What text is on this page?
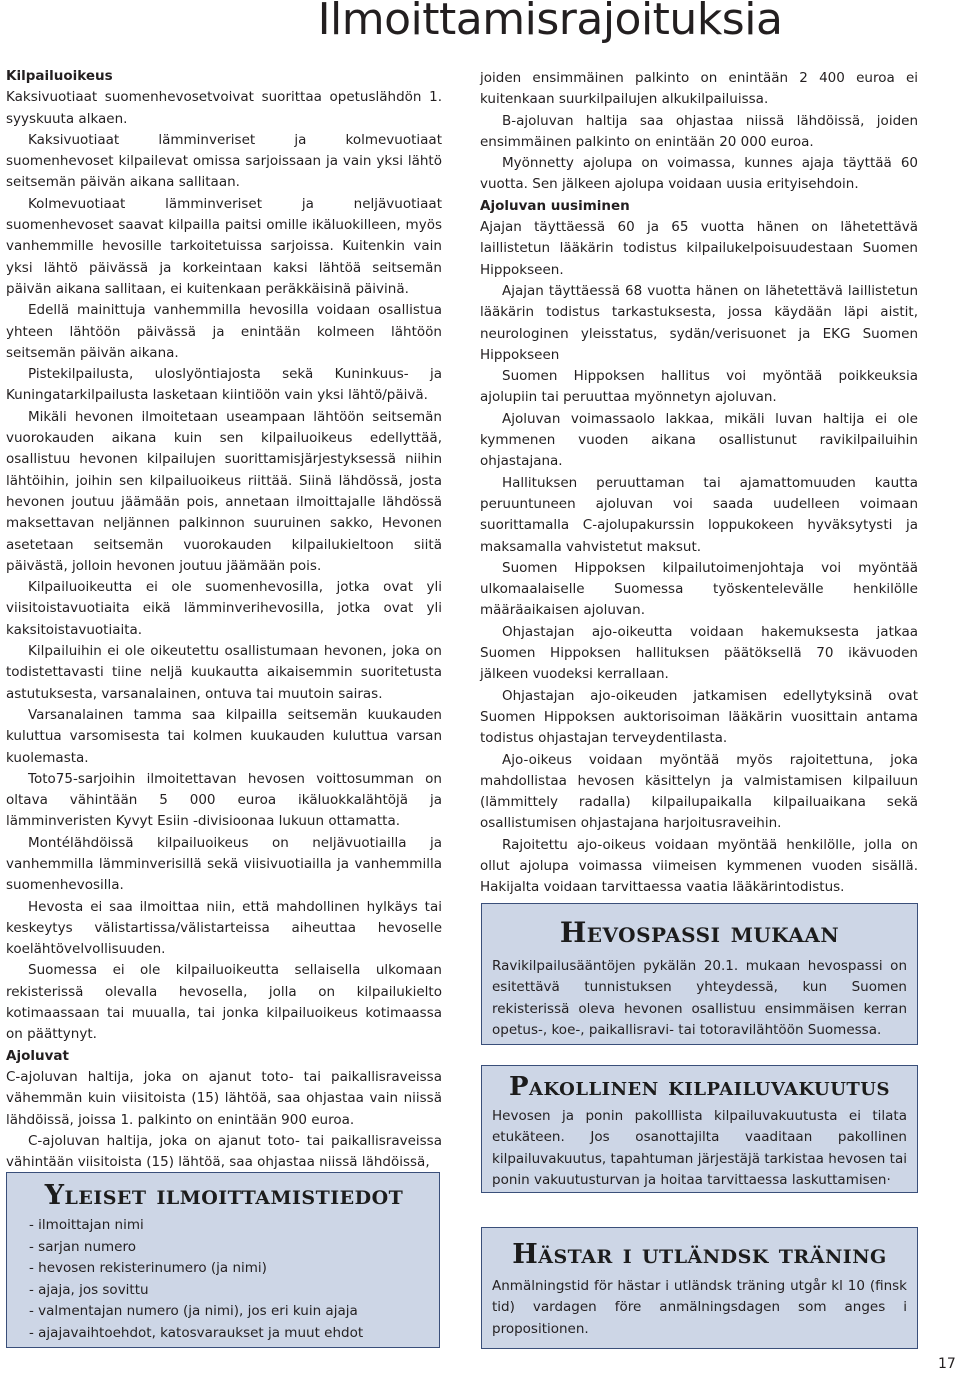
Ilmoittamisrajoituksia
Kilpailuoikeus

Kaksivuotiaat suomenhevosetvoivat suorittaa opetuslähdön 1. syyskuuta alkaen.

Kaksivuotiaat lämminveriset ja kolmevuotiaat suomenhevoset kilpailevat omissa sarjoissaan ja vain yksi lähtö seitsemän päivän aikana sallitaan.

Kolmevuotiaat lämminveriset ja neljävuotiaat suomenhevoset saavat kilpailla paitsi omille ikäluokilleen, myös vanhemmille hevosille tarkoitetuissa sarjoissa. Kuitenkin vain yksi lähtö päivässä ja korkeintaan kaksi lähtöä seitsemän päivän aikana sallitaan, ei kuitenkaan peräkkäisinä päivinä.

Edellä mainittuja vanhemmilla hevosilla voidaan osallistua yhteen lähtöön päivässä ja enintään kolmeen lähtöön seitsemän päivän aikana.

Pistekilpailusta, uloslyöntiajosta sekä Kuninkuus- ja Kuningatarkilpailusta lasketaan kiintiöön vain yksi lähtö/päivä.

Mikäli hevonen ilmoitetaan useampaan lähtöön seitsemän vuorokauden aikana kuin sen kilpailuoikeus edellyttää, osallistuu hevonen kilpailujen suorittamisjärjestyksessä niihin lähtöihin, joihin sen kilpailuoikeus riittää. Siinä lähdössä, josta hevonen joutuu jäämään pois, annetaan ilmoittajalle lähdössä maksettavan neljännen palkinnon suuruinen sakko, Hevonen asetetaan seitsemän vuorokauden kilpailukieltoon siitä päivästä, jolloin hevonen joutuu jäämään pois.

Kilpailuoikeutta ei ole suomenhevosilla, jotka ovat yli viisitoistavuotiaita eikä lämminverihevosilla, jotka ovat yli kaksitoistavuotiaita.

Kilpailuihin ei ole oikeutettu osallistumaan hevonen, joka on todistettavasti tiine neljä kuukautta aikaisemmin suoritetusta astutuksesta, varsanalainen, ontuva tai muutoin sairas.

Varsanalainen tamma saa kilpailla seitsemän kuukauden kuluttua varsomisesta tai kolmen kuukauden kuluttua varsan kuolemasta.

Toto75-sarjoihin ilmoitettavan hevosen voittosumman on oltava vähintään 5 000 euroa ikäluokkalähtöjä ja lämminveristen Kyvyt Esiin -divisioonaa lukuun ottamatta.

Montélähdöissä kilpailuoikeus on neljävuotiailla ja vanhemmilla lämminverisillä sekä viisivuotiailla ja vanhemmilla suomenhevosilla.

Hevosta ei saa ilmoittaa niin, että mahdollinen hylkäys tai keskeytys välistartissa/välistarteissa aiheuttaa hevoselle koelähtövelvollisuuden.

Suomessa ei ole kilpailuoikeutta sellaisella ulkomaan rekisterissä olevalla hevosella, jolla on kilpailukielto kotimaassaan tai muualla, tai jonka kilpailuoikeus kotimaassa on päättynyt.

Ajoluvat

C-ajoluvan haltija, joka on ajanut toto- tai paikallisraveissa vähemmän kuin viisitoista (15) lähtöä, saa ohjastaa vain niissä lähdöissä, joissa 1. palkinto on enintään 900 euroa.

C-ajoluvan haltija, joka on ajanut toto- tai paikallisraveissa vähintään viisitoista (15) lähtöä, saa ohjastaa niissä lähdöissä,

joiden ensimmäinen palkinto on enintään 2 400 euroa ei kuitenkaan suurkilpailujen alkukilpailuissa.

B-ajoluvan haltija saa ohjastaa niissä lähdöissä, joiden ensimmäinen palkinto on enintään 20 000 euroa.

Myönnetty ajolupa on voimassa, kunnes ajaja täyttää 60 vuotta. Sen jälkeen ajolupa voidaan uusia erityisehdoin.

Ajoluvan uusiminen

Ajajan täyttäessä 60 ja 65 vuotta hänen on lähetettävä laillistetun lääkärin todistus kilpailukelpoisuudestaan Suomen Hippokseen.

Ajajan täyttäessä 68 vuotta hänen on lähetettävä laillistetun lääkärin todistus tarkastuksesta, jossa käydään läpi aistit, neurologinen yleisstatus, sydän/verisuonet ja EKG Suomen Hippokseen

Suomen Hippoksen hallitus voi myöntää poikkeuksia ajolupiin tai peruuttaa myönnetyn ajoluvan.

Ajoluvan voimassaolo lakkaa, mikäli luvan haltija ei ole kymmenen vuoden aikana osallistunut ravikilpailuihin ohjastajana.

Hallituksen peruuttaman tai ajamattomuuden kautta peruuntuneen ajoluvan voi saada uudelleen voimaan suorittamalla C-ajolupakurssin loppukokeen hyväksytysti ja maksamalla vahvistetut maksut.

Suomen Hippoksen kilpailutoimenjohtaja voi myöntää ulkomaalaiselle Suomessa työskentelevälle henkilölle määräaikaisen ajoluvan.

Ohjastajan ajo-oikeutta voidaan hakemuksesta jatkaa Suomen Hippoksen hallituksen päätöksellä 70 ikävuoden jälkeen vuodeksi kerrallaan.

Ohjastajan ajo-oikeuden jatkamisen edellytyksinä ovat Suomen Hippoksen auktorisoiman lääkärin vuosittain antama todistus ohjastajan terveydentilasta.

Ajo-oikeus voidaan myöntää myös rajoitettuna, joka mahdollistaa hevosen käsittelyn ja valmistamisen kilpailuun (lämmittely radalla) kilpailupaikalla kilpailuaikana sekä osallistumisen ohjastajana harjoitusraveihin.

Rajoitettu ajo-oikeus voidaan myöntää henkilölle, jolla on ollut ajolupa voimassa viimeisen kymmenen vuoden sisällä. Hakijalta voidaan tarvittaessa vaatia lääkärintodistus.

Hevospassi mukaan

Ravikilpailusääntöjen pykälän 20.1. mukaan hevospassi on esitettävä tunnistuksen yhteydessä, kun Suomen rekisterissä oleva hevonen osallistuu ensimmäisen kerran opetus-, koe-, paikallisravi- tai totoravilähtöön Suomessa.

Pakollinen kilpailuvakuutus

Hevosen ja ponin pakolllista kilpailuvakuutusta ei tilata etukäteen. Jos osanottajilta vaaditaan pakollinen kilpailuvakuutus, tapahtuman järjestäjä tarkistaa hevosen tai ponin vakuutusturvan ja hoitaa tarvittaessa laskuttamisen·

Hästar i utländsk träning

Anmälningstid för hästar i utländsk träning utgår kl 10 (finsk tid) vardagen före anmälningsdagen som anges i propositionen.

Yleiset ilmoittamistiedot
- ilmoittajan nimi
- sarjan numero
- hevosen rekisterinumero (ja nimi)
- ajaja, jos sovittu
- valmentajan numero (ja nimi), jos eri kuin ajaja
- ajajavaihtoehdot, katosvaraukset ja muut ehdot
17
